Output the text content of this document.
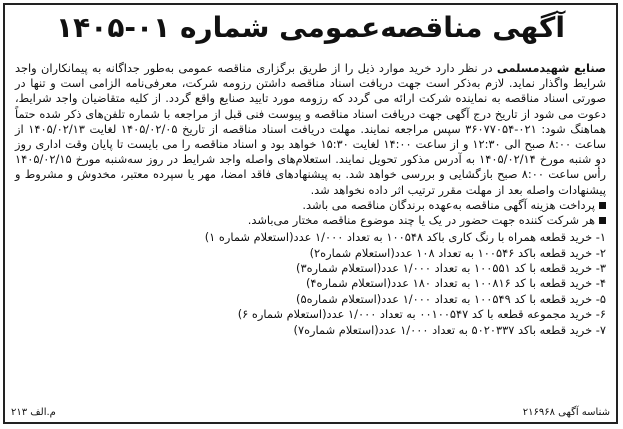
آگهی مناقصه‌عمومی شماره ۰۱-۱۴۰۵

صنایع شهیدمسلمی در نظر دارد خرید موارد ذیل را از طریق برگزاری مناقصه عمومی به‌طور جداگانه به پیمانکاران واجد شرایط واگذار نماید. لازم به‌ذکر است جهت دریافت اسناد مناقصه داشتن رزومه شرکت، معرفی‌نامه الزامی است و تنها در صورتی اسناد مناقصه به نماینده شرکت ارائه می گردد که رزومه مورد تایید صنایع واقع گردد. از کلیه متقاضیان واجد شرایط، دعوت می شود از تاریخ درج آگهی جهت دریافت اسناد مناقصه و پیوست فنی قبل از مراجعه با شماره تلفن‌های ذکر شده حتماً هماهنگ شود: ۰۲۱-۳۶۰۷۷۰۵۴ سپس مراجعه نمایند. مهلت دریافت اسناد مناقصه از تاریخ ۱۴۰۵/۰۲/۰۵ لغایت ۱۴۰۵/۰۲/۱۳ از ساعت ۸:۰۰ صبح الی ۱۲:۳۰ و از ساعت ۱۴:۰۰ لغایت ۱۵:۳۰ خواهد بود و اسناد مناقصه را می بایست تا پایان وقت اداری روز دو شنبه مورخ ۱۴۰۵/۰۲/۱۴ به آدرس مذکور تحویل نمایند. استعلام‌های واصله واجد شرایط در روز سه‌شنبه مورخ ۱۴۰۵/۰۲/۱۵ رأس ساعت ۸:۰۰ صبح بازگشایی و بررسی خواهد شد. به پیشنهادهای فاقد امضا، مهر یا سپرده معتبر، مخدوش و مشروط و پیشنهادات واصله بعد از مهلت مقرر ترتیب اثر داده نخواهد شد.

پرداخت هزینه آگهی مناقصه به‌عهده برندگان مناقصه می باشد.

هر شرکت کننده جهت حضور در یک یا چند موضوع مناقصه مختار می‌باشد.

۱- خرید قطعه همراه با رنگ کاری باکد ۱۰۰۵۴۸ به تعداد ۱/۰۰۰ عدد(استعلام شماره ۱)
۲- خرید قطعه باکد ۱۰۰۵۴۶ به تعداد ۱۰۸ عدد(استعلام شماره۲)
۳- خرید قطعه با کد ۱۰۰۵۵۱ به تعداد ۱/۰۰۰ عدد(استعلام شماره۳)
۴- خرید قطعه با کد ۱۰۰۸۱۶ به تعداد ۱۸۰ عدد(استعلام شماره۴)
۵- خرید قطعه با کد ۱۰۰۵۴۹ به تعداد ۱/۰۰۰ عدد(استعلام شماره۵)
۶- خرید مجموعه قطعه با کد ۰۰۱۰۰۵۴۷ به تعداد ۱/۰۰۰ عدد(استعلام شماره ۶)
۷- خرید قطعه باکد ۵۰۲۰۳۳۷ به تعداد ۱/۰۰۰ عدد(استعلام شماره۷)
شناسه آگهی ۲۱۶۹۶۸
م.الف ۲۱۳
